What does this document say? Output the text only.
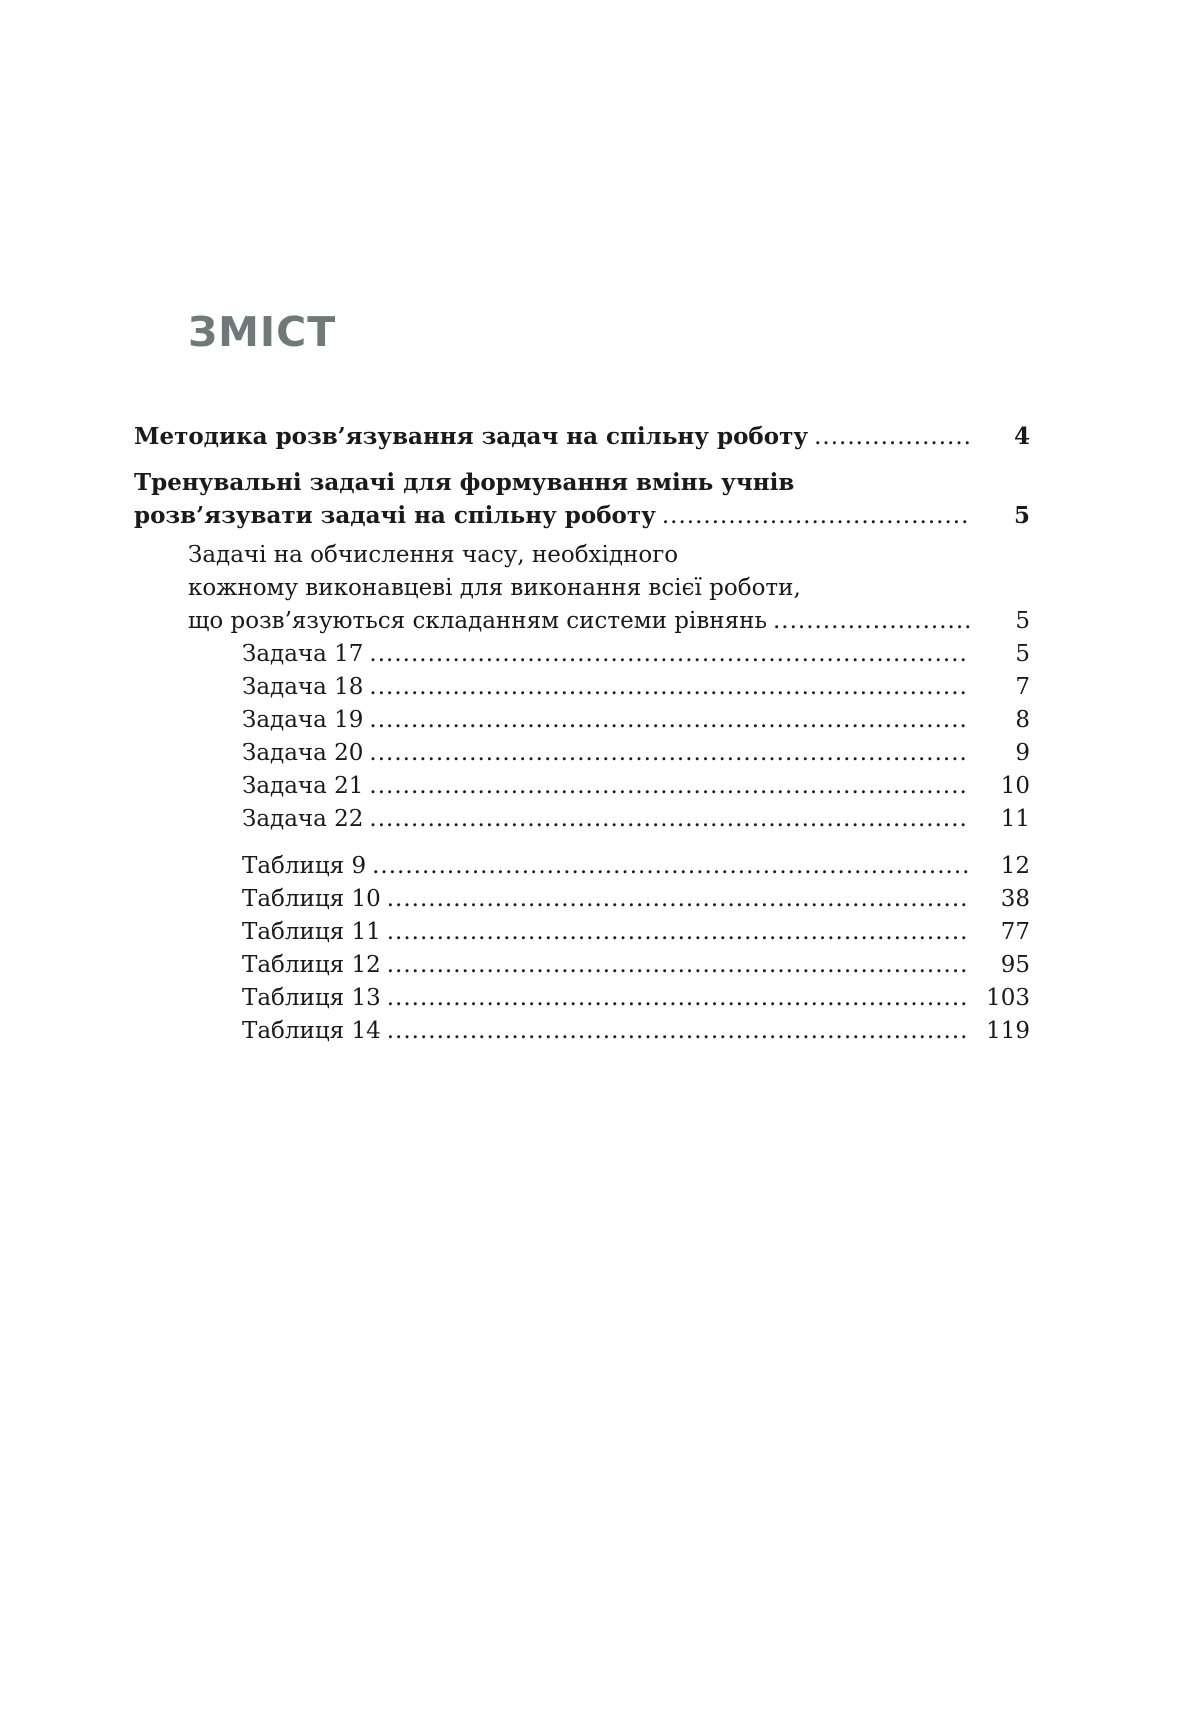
ЗМІСТ
Методика розв’язування задач на спільну роботу .....	4
Тренувальні задачі для формування вмінь учнів
розв’язувати задачі на спільну роботу .....	5
Задачі на обчислення часу, необхідного
кожному виконавцеві для виконання всієї роботи,
що розв’язуються складанням системи рівнянь .....	5
Задача 17 .....	5
Задача 18 .....	7
Задача 19 .....	8
Задача 20 .....	9
Задача 21 .....	10
Задача 22 .....	11
Таблиця 9 .....	12
Таблиця 10 .....	38
Таблиця 11 .....	77
Таблиця 12 .....	95
Таблиця 13 .....	103
Таблиця 14 .....	119
